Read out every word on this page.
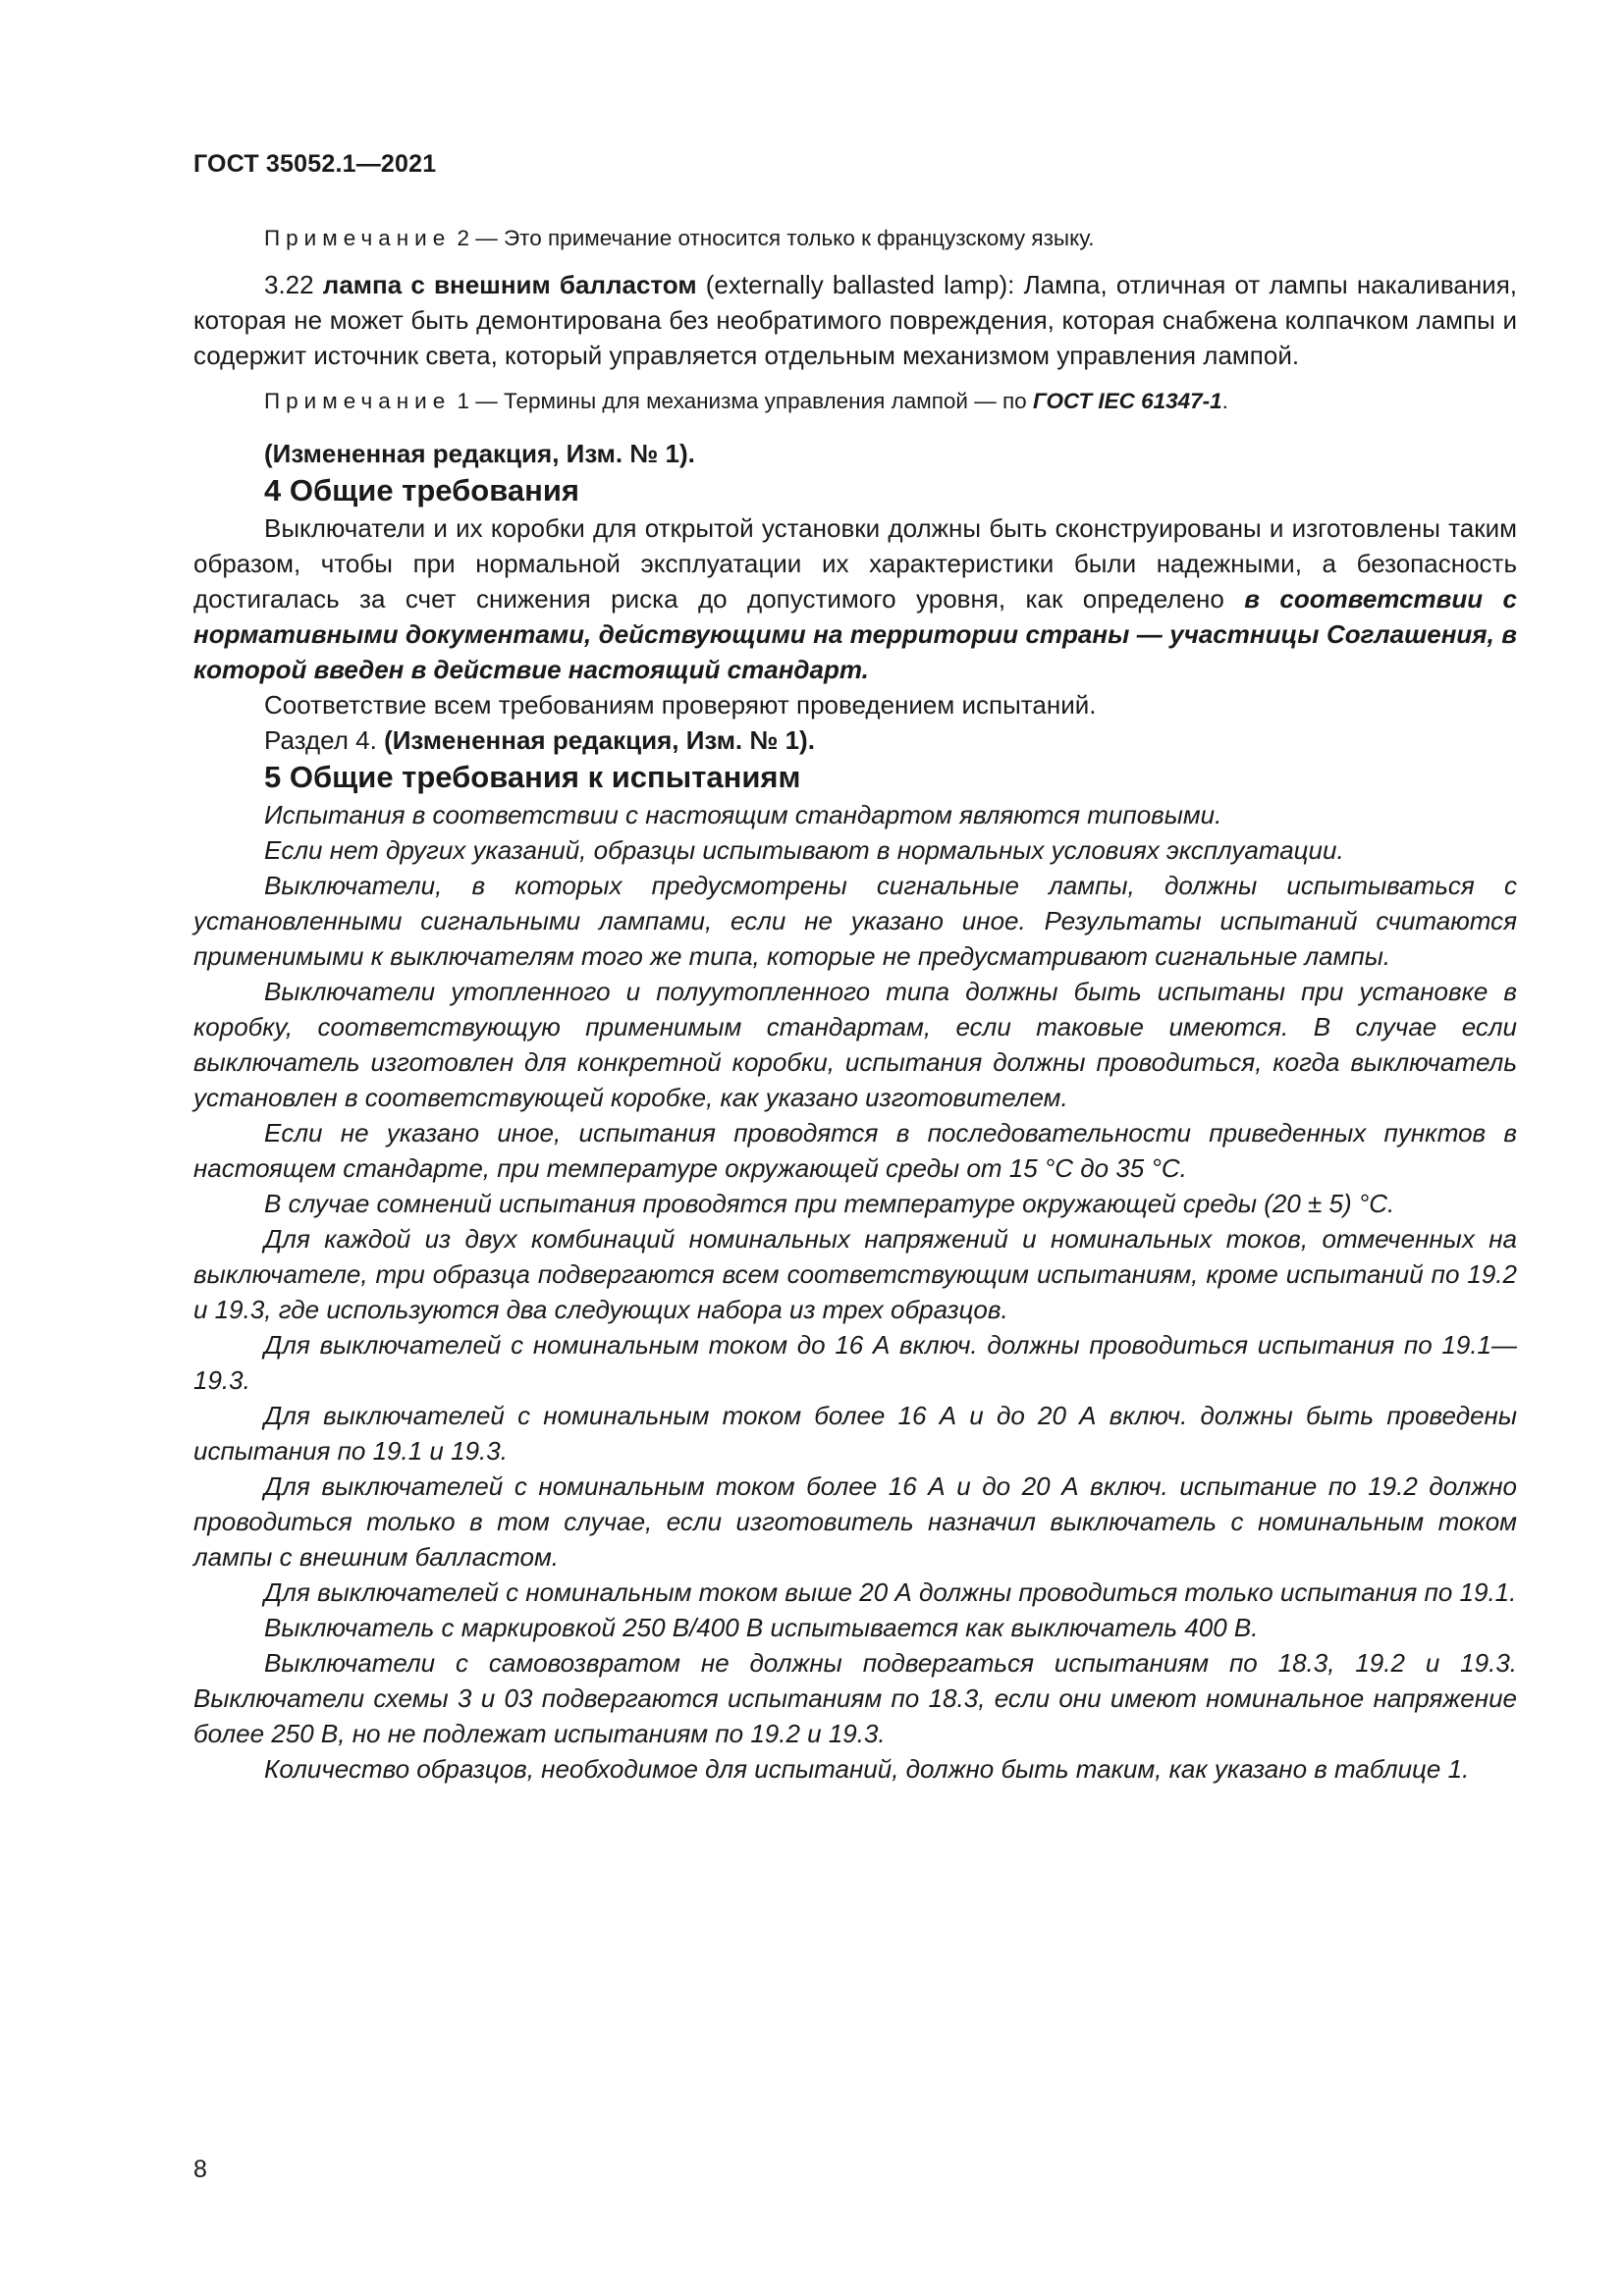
ГОСТ 35052.1—2021

Примечание 2 — Это примечание относится только к французскому языку.

3.22 лампа с внешним балластом (externally ballasted lamp): Лампа, отличная от лампы накаливания, которая не может быть демонтирована без необратимого повреждения, которая снабжена колпачком лампы и содержит источник света, который управляется отдельным механизмом управления лампой.

Примечание 1 — Термины для механизма управления лампой — по ГОСТ IEC 61347-1.

(Измененная редакция, Изм. № 1).

4 Общие требования

Выключатели и их коробки для открытой установки должны быть сконструированы и изготовлены таким образом, чтобы при нормальной эксплуатации их характеристики были надежными, а безопасность достигалась за счет снижения риска до допустимого уровня, как определено в соответствии с нормативными документами, действующими на территории страны — участницы Соглашения, в которой введен в действие настоящий стандарт.

Соответствие всем требованиям проверяют проведением испытаний.

Раздел 4. (Измененная редакция, Изм. № 1).

5 Общие требования к испытаниям

Испытания в соответствии с настоящим стандартом являются типовыми.

Если нет других указаний, образцы испытывают в нормальных условиях эксплуатации.

Выключатели, в которых предусмотрены сигнальные лампы, должны испытываться с установленными сигнальными лампами, если не указано иное. Результаты испытаний считаются применимыми к выключателям того же типа, которые не предусматривают сигнальные лампы.

Выключатели утопленного и полуутопленного типа должны быть испытаны при установке в коробку, соответствующую применимым стандартам, если таковые имеются. В случае если выключатель изготовлен для конкретной коробки, испытания должны проводиться, когда выключатель установлен в соответствующей коробке, как указано изготовителем.

Если не указано иное, испытания проводятся в последовательности приведенных пунктов в настоящем стандарте, при температуре окружающей среды от 15 °С до 35 °С.

В случае сомнений испытания проводятся при температуре окружающей среды (20 ± 5) °С.

Для каждой из двух комбинаций номинальных напряжений и номинальных токов, отмеченных на выключателе, три образца подвергаются всем соответствующим испытаниям, кроме испытаний по 19.2 и 19.3, где используются два следующих набора из трех образцов.

Для выключателей с номинальным током до 16 А включ. должны проводиться испытания по 19.1—19.3.

Для выключателей с номинальным током более 16 А и до 20 А включ. должны быть проведены испытания по 19.1 и 19.3.

Для выключателей с номинальным током более 16 А и до 20 А включ. испытание по 19.2 должно проводиться только в том случае, если изготовитель назначил выключатель с номинальным током лампы с внешним балластом.

Для выключателей с номинальным током выше 20 А должны проводиться только испытания по 19.1.

Выключатель с маркировкой 250 В/400 В испытывается как выключатель 400 В.

Выключатели с самовозвратом не должны подвергаться испытаниям по 18.3, 19.2 и 19.3. Выключатели схемы 3 и 03 подвергаются испытаниям по 18.3, если они имеют номинальное напряжение более 250 В, но не подлежат испытаниям по 19.2 и 19.3.

Количество образцов, необходимое для испытаний, должно быть таким, как указано в таблице 1.

8
